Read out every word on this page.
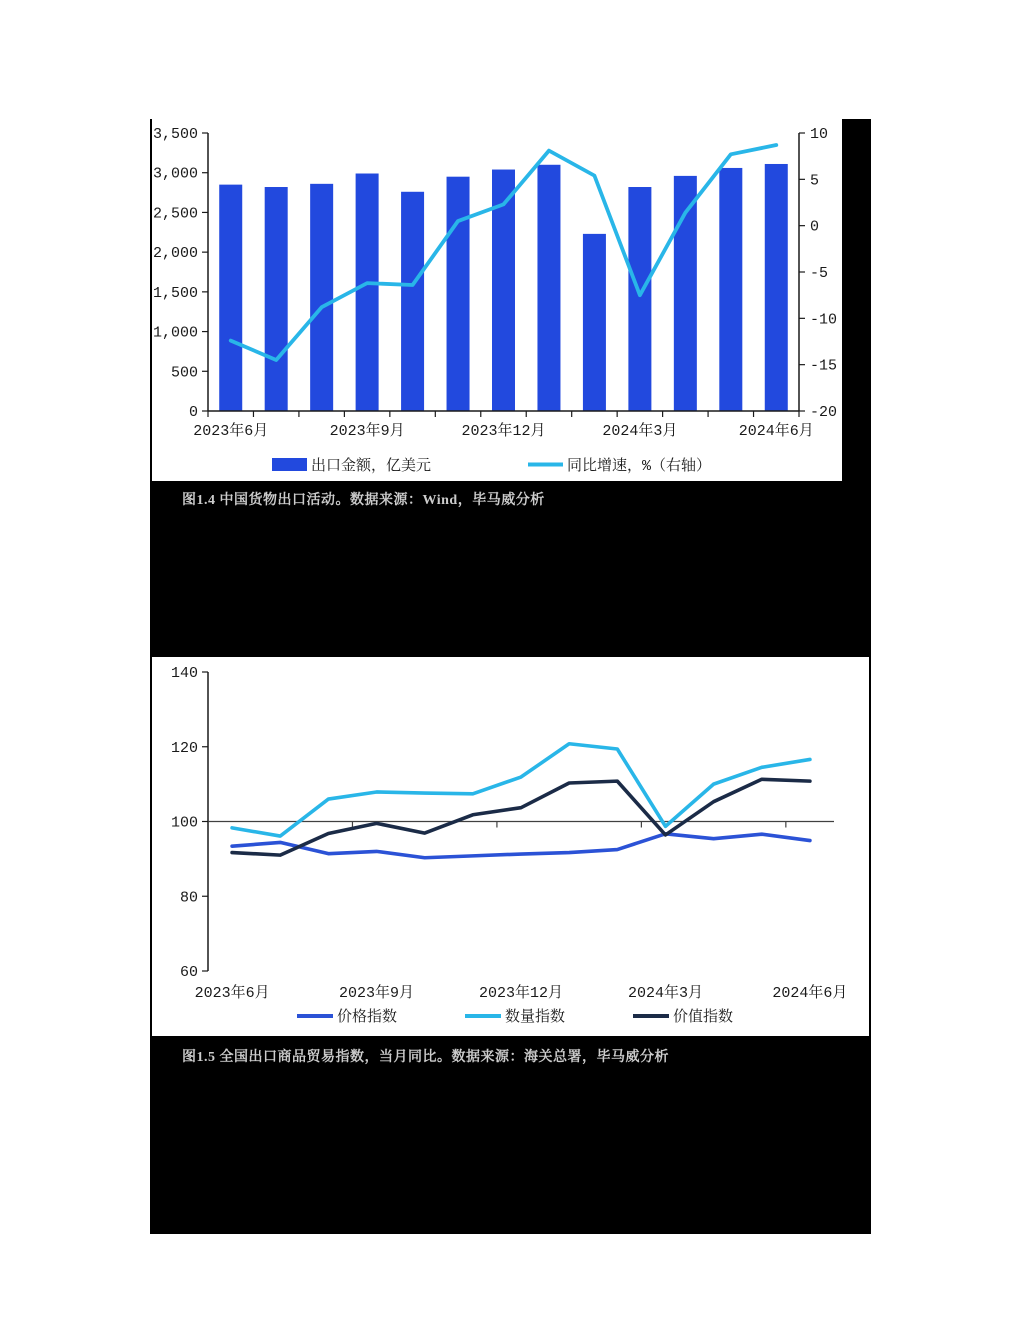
0
500
1,000
1,500
2,000
2,500
3,000
3,500
-20
-15
-10
-5
0
5
10
2023年6月	2023年9月	2023年12月	2024年3月	2024年6月
出口金额，亿美元	同比增速，%（右轴）
图1.4 中国货物出口活动。数据来源：Wind，毕马威分析
60
80
100
120
140
2023年6月	2023年9月	2023年12月	2024年3月	2024年6月
价格指数	数量指数	价值指数
图1.5 全国出口商品贸易指数，当月同比。数据来源：海关总署，毕马威分析
